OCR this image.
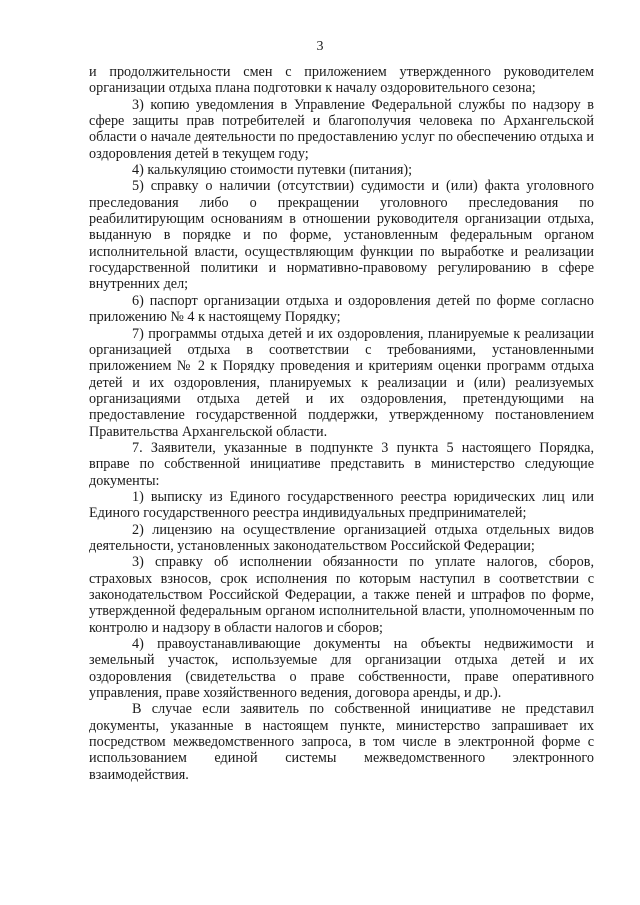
3

и продолжительности смен с приложением утвержденного руководителем организации отдыха плана подготовки к началу оздоровительного сезона;

3) копию уведомления в Управление Федеральной службы по надзору в сфере защиты прав потребителей и благополучия человека по Архангельской области о начале деятельности по предоставлению услуг по обеспечению отдыха и оздоровления детей в текущем году;

4) калькуляцию стоимости путевки (питания);

5) справку о наличии (отсутствии) судимости и (или) факта уголовного преследования либо о прекращении уголовного преследования по реабилитирующим основаниям в отношении руководителя организации отдыха, выданную в порядке и по форме, установленным федеральным органом исполнительной власти, осуществляющим функции по выработке и реализации государственной политики и нормативно-правовому регулированию в сфере внутренних дел;

6) паспорт организации отдыха и оздоровления детей по форме согласно приложению № 4 к настоящему Порядку;

7) программы отдыха детей и их оздоровления, планируемые к реализации организацией отдыха в соответствии с требованиями, установленными приложением № 2 к Порядку проведения и критериям оценки программ отдыха детей и их оздоровления, планируемых к реализации и (или) реализуемых организациями отдыха детей и их оздоровления, претендующими на предоставление государственной поддержки, утвержденному постановлением Правительства Архангельской области.

7. Заявители, указанные в подпункте 3 пункта 5 настоящего Порядка, вправе по собственной инициативе представить в министерство следующие документы:

1) выписку из Единого государственного реестра юридических лиц или Единого государственного реестра индивидуальных предпринимателей;

2) лицензию на осуществление организацией отдыха отдельных видов деятельности, установленных законодательством Российской Федерации;

3) справку об исполнении обязанности по уплате налогов, сборов, страховых взносов, срок исполнения по которым наступил в соответствии с законодательством Российской Федерации, а также пеней и штрафов по форме, утвержденной федеральным органом исполнительной власти, уполномоченным по контролю и надзору в области налогов и сборов;

4) правоустанавливающие документы на объекты недвижимости и земельный участок, используемые для организации отдыха детей и их оздоровления (свидетельства о праве собственности, праве оперативного управления, праве хозяйственного ведения, договора аренды, и др.).

В случае если заявитель по собственной инициативе не представил документы, указанные в настоящем пункте, министерство запрашивает их посредством межведомственного запроса, в том числе в электронной форме с использованием единой системы межведомственного электронного взаимодействия.
